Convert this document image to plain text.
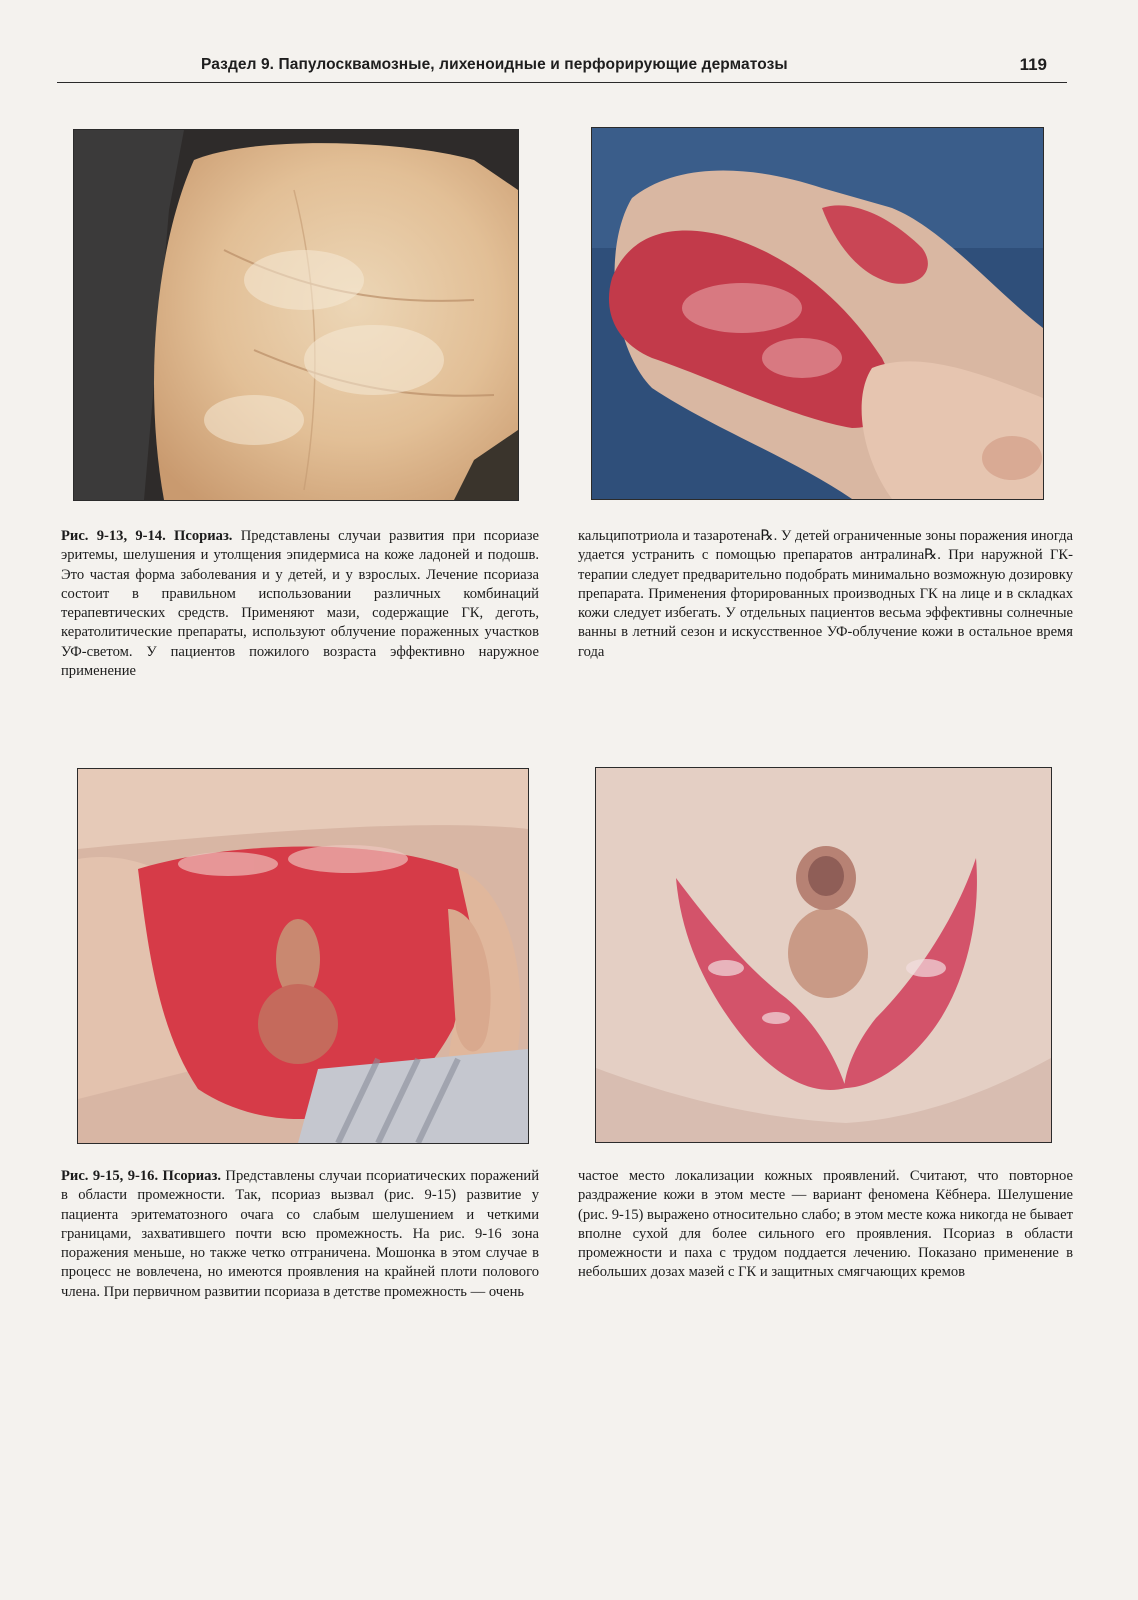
Раздел 9. Папулосквамозные, лихеноидные и перфорирующие дерматозы	119

Рис. 9-13, 9-14. Псориаз. Представлены случаи развития при псориазе эритемы, шелушения и утолщения эпидермиса на коже ладоней и подошв. Это частая форма заболевания и у детей, и у взрослых. Лечение псориаза состоит в правильном использовании различных комбинаций терапевтических средств. Применяют мази, содержащие ГК, деготь, кератолитические препараты, используют облучение пораженных участков УФ-светом. У пациентов пожилого возраста эффективно наружное применение

кальципотриола и тазаротена℞. У детей ограниченные зоны поражения иногда удается устранить с помощью препаратов антралина℞. При наружной ГК-терапии следует предварительно подобрать минимально возможную дозировку препарата. Применения фторированных производных ГК на лице и в складках кожи следует избегать. У отдельных пациентов весьма эффективны солнечные ванны в летний сезон и искусственное УФ-облучение кожи в остальное время года

Рис. 9-15, 9-16. Псориаз. Представлены случаи псориатических поражений в области промежности. Так, псориаз вызвал (рис. 9-15) развитие у пациента эритематозного очага со слабым шелушением и четкими границами, захватившего почти всю промежность. На рис. 9-16 зона поражения меньше, но также четко отграничена. Мошонка в этом случае в процесс не вовлечена, но имеются проявления на крайней плоти полового члена. При первичном развитии псориаза в детстве промежность — очень

частое место локализации кожных проявлений. Считают, что повторное раздражение кожи в этом месте — вариант феномена Кёбнера. Шелушение (рис. 9-15) выражено относительно слабо; в этом месте кожа никогда не бывает вполне сухой для более сильного его проявления. Псориаз в области промежности и паха с трудом поддается лечению. Показано применение в небольших дозах мазей с ГК и защитных смягчающих кремов
